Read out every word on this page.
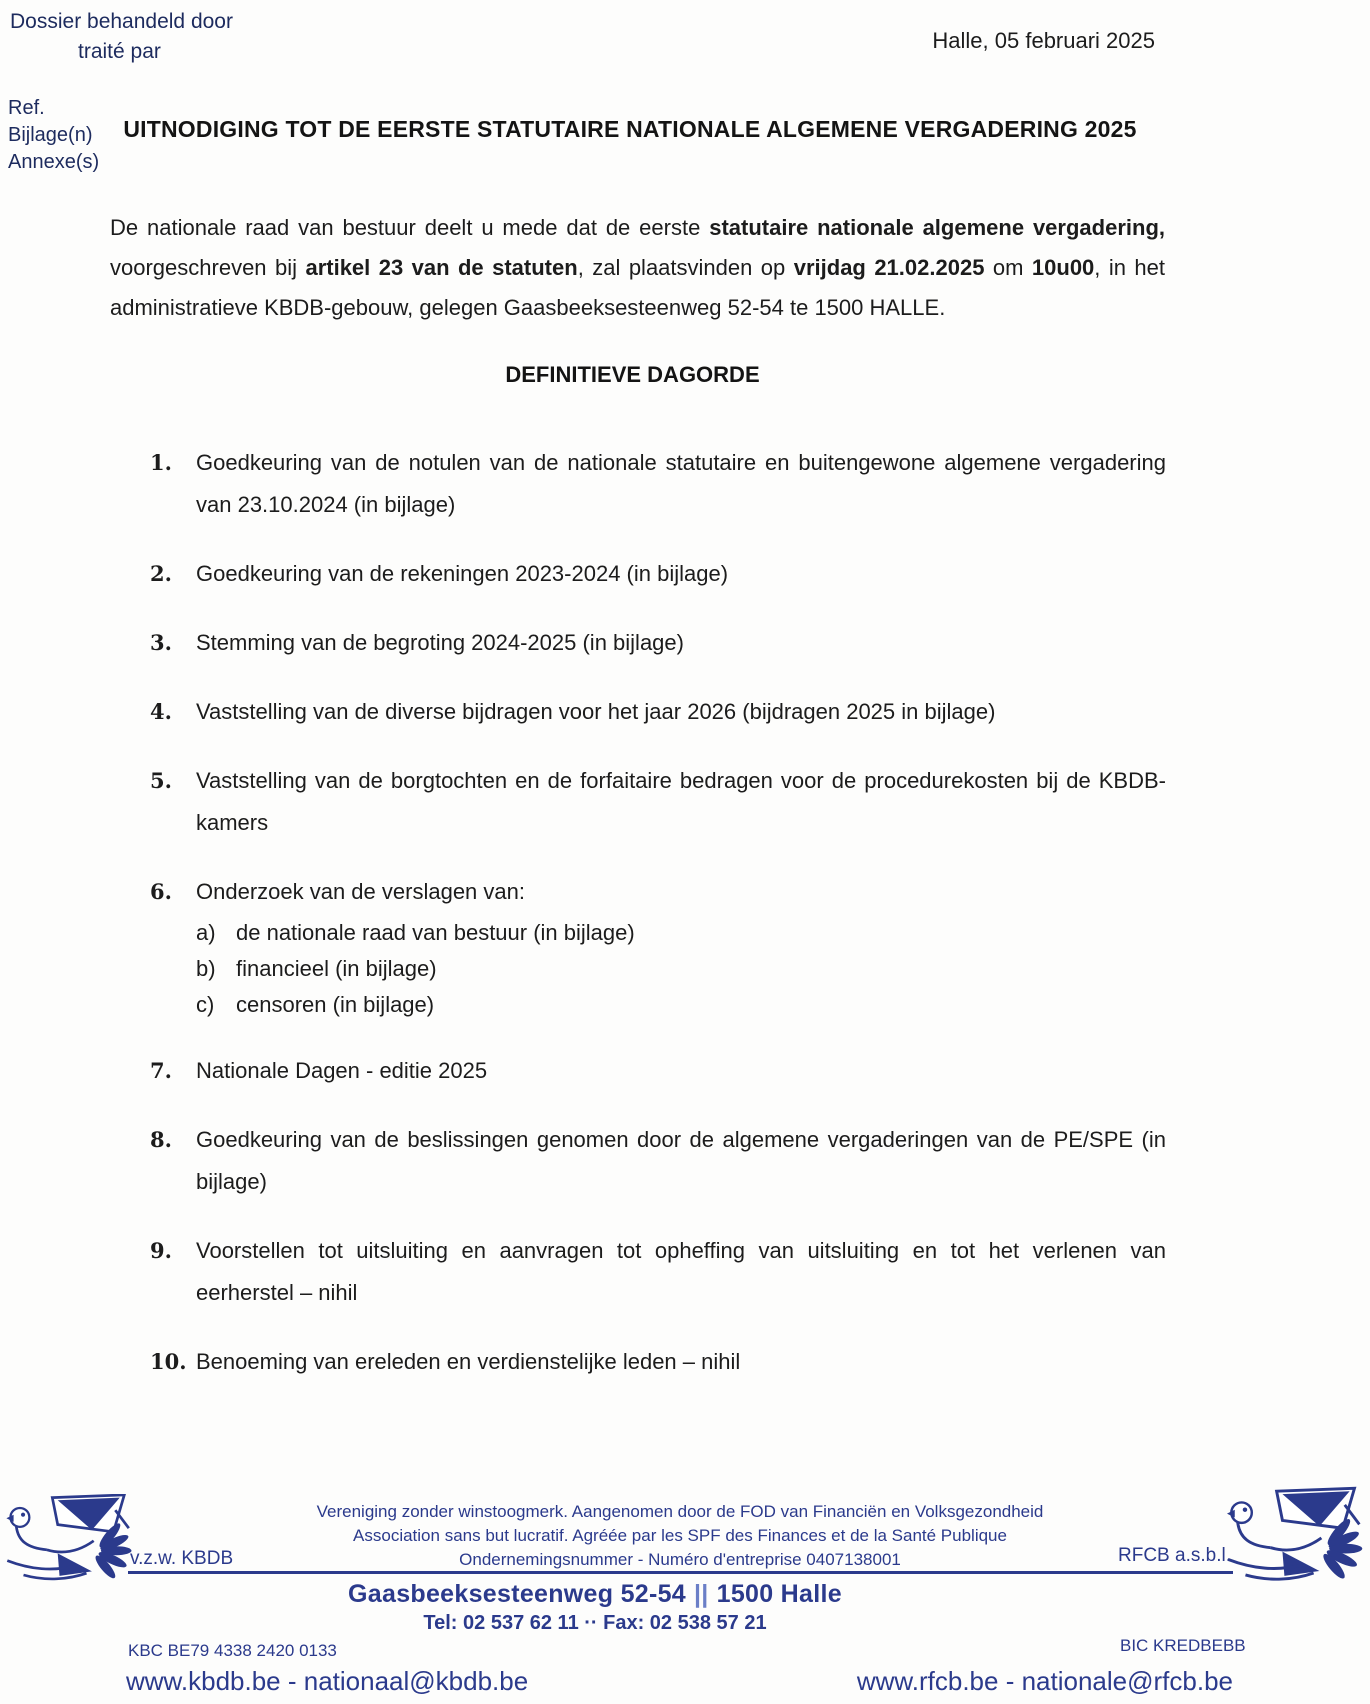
Dossier behandeld door
traité par	Halle, 05 februari 2025
Ref.
Bijlage(n)
Annexe(s)
UITNODIGING TOT DE EERSTE STATUTAIRE NATIONALE ALGEMENE VERGADERING 2025
De nationale raad van bestuur deelt u mede dat de eerste statutaire nationale algemene vergadering, voorgeschreven bij artikel 23 van de statuten, zal plaatsvinden op vrijdag 21.02.2025 om 10u00, in het administratieve KBDB-gebouw, gelegen Gaasbeeksesteenweg 52-54 te 1500 HALLE.
DEFINITIEVE DAGORDE
1.	Goedkeuring van de notulen van de nationale statutaire en buitengewone algemene vergadering van 23.10.2024 (in bijlage)
2.	Goedkeuring van de rekeningen 2023-2024 (in bijlage)
3.	Stemming van de begroting 2024-2025 (in bijlage)
4.	Vaststelling van de diverse bijdragen voor het jaar 2026 (bijdragen 2025 in bijlage)
5.	Vaststelling van de borgtochten en de forfaitaire bedragen voor de procedurekosten bij de KBDB-kamers
6.	Onderzoek van de verslagen van:
a) de nationale raad van bestuur (in bijlage)
b) financieel (in bijlage)
c) censoren (in bijlage)
7.	Nationale Dagen - editie 2025
8.	Goedkeuring van de beslissingen genomen door de algemene vergaderingen van de PE/SPE (in bijlage)
9.	Voorstellen tot uitsluiting en aanvragen tot opheffing van uitsluiting en tot het verlenen van eerherstel – nihil
10. Benoeming van ereleden en verdienstelijke leden – nihil
v.z.w. KBDB	RFCB a.s.b.l.
Vereniging zonder winstoogmerk. Aangenomen door de FOD van Financiën en Volksgezondheid
Association sans but lucratif. Agréée par les SPF des Finances et de la Santé Publique
Ondernemingsnummer - Numéro d'entreprise 0407138001
Gaasbeeksesteenweg 52-54 || 1500 Halle
Tel: 02 537 62 11 ·· Fax: 02 538 57 21
KBC BE79 4338 2420 0133	BIC KREDBEBB
www.kbdb.be - nationaal@kbdb.be	www.rfcb.be - nationale@rfcb.be
